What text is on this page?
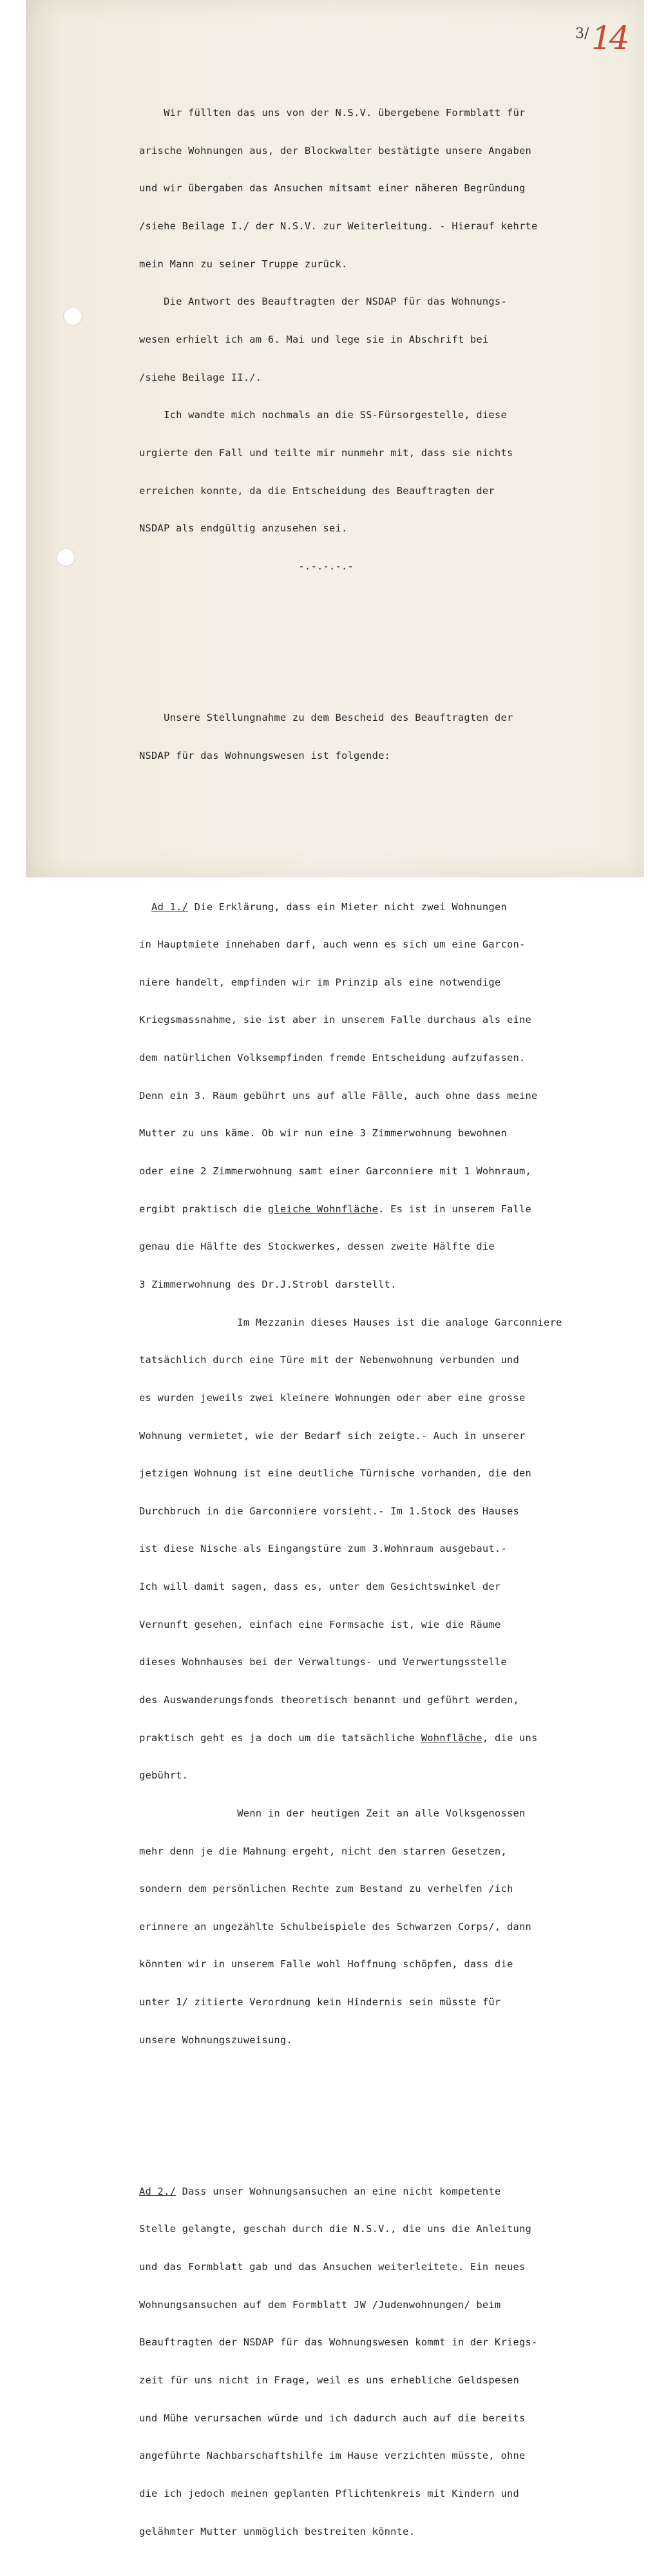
3/ 14

Wir füllten das uns von der N.S.V. übergebene Formblatt für

arische Wohnungen aus, der Blockwalter bestätigte unsere Angaben

und wir übergaben das Ansuchen mitsamt einer näheren Begründung

/siehe Beilage I./ der N.S.V. zur Weiterleitung. - Hierauf kehrte

mein Mann zu seiner Truppe zurück.

Die Antwort des Beauftragten der NSDAP für das Wohnungs-

wesen erhielt ich am 6. Mai und lege sie in Abschrift bei

/siehe Beilage II./.

Ich wandte mich nochmals an die SS-Fürsorgestelle, diese

urgierte den Fall und teilte mir nunmehr mit, dass sie nichts

erreichen konnte, da die Entscheidung des Beauftragten der

NSDAP als endgültig anzusehen sei.

-.-.-.-.-

Unsere Stellungnahme zu dem Bescheid des Beauftragten der

NSDAP für das Wohnungswesen ist folgende:

Ad 1./ Die Erklärung, dass ein Mieter nicht zwei Wohnungen

in Hauptmiete innehaben darf, auch wenn es sich um eine Garcon-

niere handelt, empfinden wir im Prinzip als eine notwendige

Kriegsmassnahme, sie ist aber in unserem Falle durchaus als eine

dem natürlichen Volksempfinden fremde Entscheidung aufzufassen.

Denn ein 3. Raum gebührt uns auf alle Fälle, auch ohne dass meine

Mutter zu uns käme. Ob wir nun eine 3 Zimmerwohnung bewohnen

oder eine 2 Zimmerwohnung samt einer Garconniere mit 1 Wohnraum,

ergibt praktisch die gleiche Wohnfläche. Es ist in unserem Falle

genau die Hälfte des Stockwerkes, dessen zweite Hälfte die

3 Zimmerwohnung des Dr.J.Strobl darstellt.

Im Mezzanin dieses Hauses ist die analoge Garconniere

tatsächlich durch eine Türe mit der Nebenwohnung verbunden und

es wurden jeweils zwei kleinere Wohnungen oder aber eine grosse

Wohnung vermietet, wie der Bedarf sich zeigte.- Auch in unserer

jetzigen Wohnung ist eine deutliche Türnische vorhanden, die den

Durchbruch in die Garconniere vorsieht.- Im 1.Stock des Hauses

ist diese Nische als Eingangstüre zum 3.Wohnraum ausgebaut.-

Ich will damit sagen, dass es, unter dem Gesichtswinkel der

Vernunft gesehen, einfach eine Formsache ist, wie die Räume

dieses Wohnhauses bei der Verwaltungs- und Verwertungsstelle

des Auswanderungsfonds theoretisch benannt und geführt werden,

praktisch geht es ja doch um die tatsächliche Wohnfläche, die uns

gebührt.

Wenn in der heutigen Zeit an alle Volksgenossen

mehr denn je die Mahnung ergeht, nicht den starren Gesetzen,

sondern dem persönlichen Rechte zum Bestand zu verhelfen /ich

erinnere an ungezählte Schulbeispiele des Schwarzen Corps/, dann

könnten wir in unserem Falle wohl Hoffnung schöpfen, dass die

unter 1/ zitierte Verordnung kein Hindernis sein müsste für

unsere Wohnungszuweisung.

Ad 2./ Dass unser Wohnungsansuchen an eine nicht kompetente

Stelle gelangte, geschah durch die N.S.V., die uns die Anleitung

und das Formblatt gab und das Ansuchen weiterleitete. Ein neues

Wohnungsansuchen auf dem Formblatt JW /Judenwohnungen/ beim

Beauftragten der NSDAP für das Wohnungswesen kommt in der Kriegs-

zeit für uns nicht in Frage, weil es uns erhebliche Geldspesen

und Mühe verursachen würde und ich dadurch auch auf die bereits

angeführte Nachbarschaftshilfe im Hause verzichten müsste, ohne

die ich jedoch meinen geplanten Pflichtenkreis mit Kindern und

gelähmter Mutter unmöglich bestreiten könnte.
